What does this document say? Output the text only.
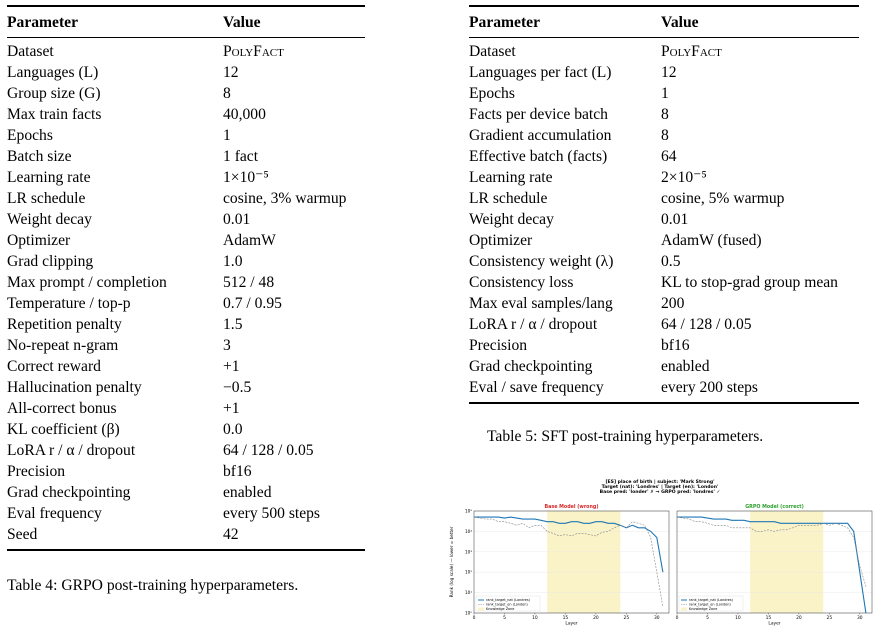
Parameter	Value
Dataset	PolyFact
Languages (L)	12
Group size (G)	8
Max train facts	40,000
Epochs	1
Batch size	1 fact
Learning rate	1×10⁻⁵
LR schedule	cosine, 3% warmup
Weight decay	0.01
Optimizer	AdamW
Grad clipping	1.0
Max prompt / completion	512 / 48
Temperature / top-p	0.7 / 0.95
Repetition penalty	1.5
No-repeat n-gram	3
Correct reward	+1
Hallucination penalty	−0.5
All-correct bonus	+1
KL coefficient (β)	0.0
LoRA r / α / dropout	64 / 128 / 0.05
Precision	bf16
Grad checkpointing	enabled
Eval frequency	every 500 steps
Seed	42
Table 4: GRPO post-training hyperparameters.
Parameter	Value
Dataset	PolyFact
Languages per fact (L)	12
Epochs	1
Facts per device batch	8
Gradient accumulation	8
Effective batch (facts)	64
Learning rate	2×10⁻⁵
LR schedule	cosine, 5% warmup
Weight decay	0.01
Optimizer	AdamW (fused)
Consistency weight (λ)	0.5
Consistency loss	KL to stop-grad group mean
Max eval samples/lang	200
LoRA r / α / dropout	64 / 128 / 0.05
Precision	bf16
Grad checkpointing	enabled
Eval / save frequency	every 200 steps
Table 5: SFT post-training hyperparameters.
[ES] place of birth | subject: 'Mark Strong'
Target (nat): 'Londres' | Target (en): 'London'
Base pred: 'londer' ✗ → GRPO pred: 'londres' ✓
Base Model (wrong)
0	5	10	15	20	25	30
Layer
rank_target_nat (Londres)
rank_target_en (London)
Knowledge Zone
GRPO Model (correct)
0	5	10	15	20	25	30
Layer
rank_target_nat (Londres)
rank_target_en (London)
Knowledge Zone
10⁰
10¹
10²
10³
10⁴
10⁵
Rank (log scale) — lower = better
